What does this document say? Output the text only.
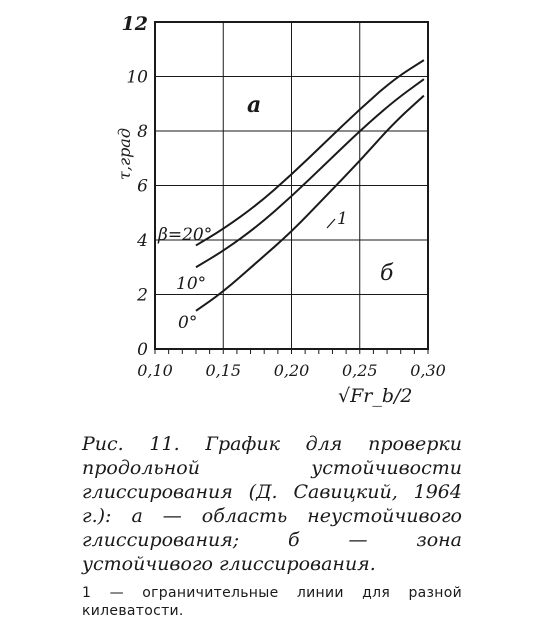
0,10 0,15 0,20 0,25 0,30
0
2
4
6
8
10
12
τ,град
√Fr_b/2
а
б
β=20°
10°
0°
1
Рис. 11. График для проверки продольной устойчивости глиссирования (Д. Савицкий, 1964 г.): а — область неустойчивого глиссирования; б — зона устойчивого глиссирования.
1 — ограничительные линии для разной килеватости.
